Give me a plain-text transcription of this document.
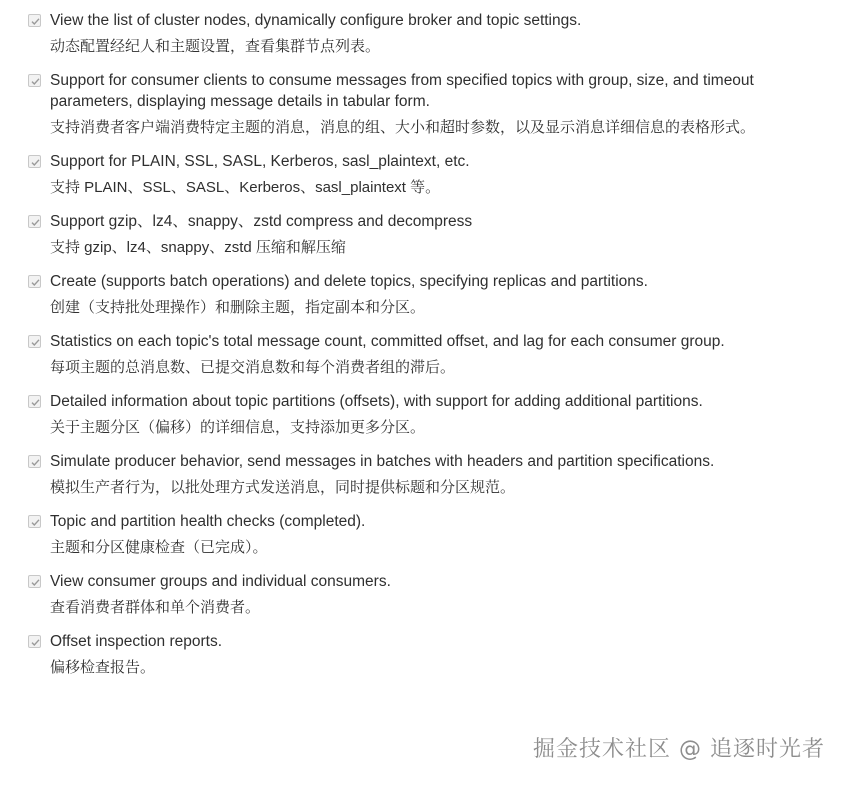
View the list of cluster nodes, dynamically configure broker and topic settings.
动态配置经纪人和主题设置，查看集群节点列表。
Support for consumer clients to consume messages from specified topics with group, size, and timeout parameters, displaying message details in tabular form.
支持消费者客户端消费特定主题的消息，消息的组、大小和超时参数，以及显示消息详细信息的表格形式。
Support for PLAIN, SSL, SASL, Kerberos, sasl_plaintext, etc.
支持 PLAIN、SSL、SASL、Kerberos、sasl_plaintext 等。
Support gzip、lz4、snappy、zstd compress and decompress
支持 gzip、lz4、snappy、zstd 压缩和解压缩
Create (supports batch operations) and delete topics, specifying replicas and partitions.
创建（支持批处理操作）和删除主题，指定副本和分区。
Statistics on each topic's total message count, committed offset, and lag for each consumer group.
每项主题的总消息数、已提交消息数和每个消费者组的滞后。
Detailed information about topic partitions (offsets), with support for adding additional partitions.
关于主题分区（偏移）的详细信息，支持添加更多分区。
Simulate producer behavior, send messages in batches with headers and partition specifications.
模拟生产者行为，以批处理方式发送消息，同时提供标题和分区规范。
Topic and partition health checks (completed).
主题和分区健康检查（已完成）。
View consumer groups and individual consumers.
查看消费者群体和单个消费者。
Offset inspection reports.
偏移检查报告。
掘金技术社区 @ 追逐时光者
